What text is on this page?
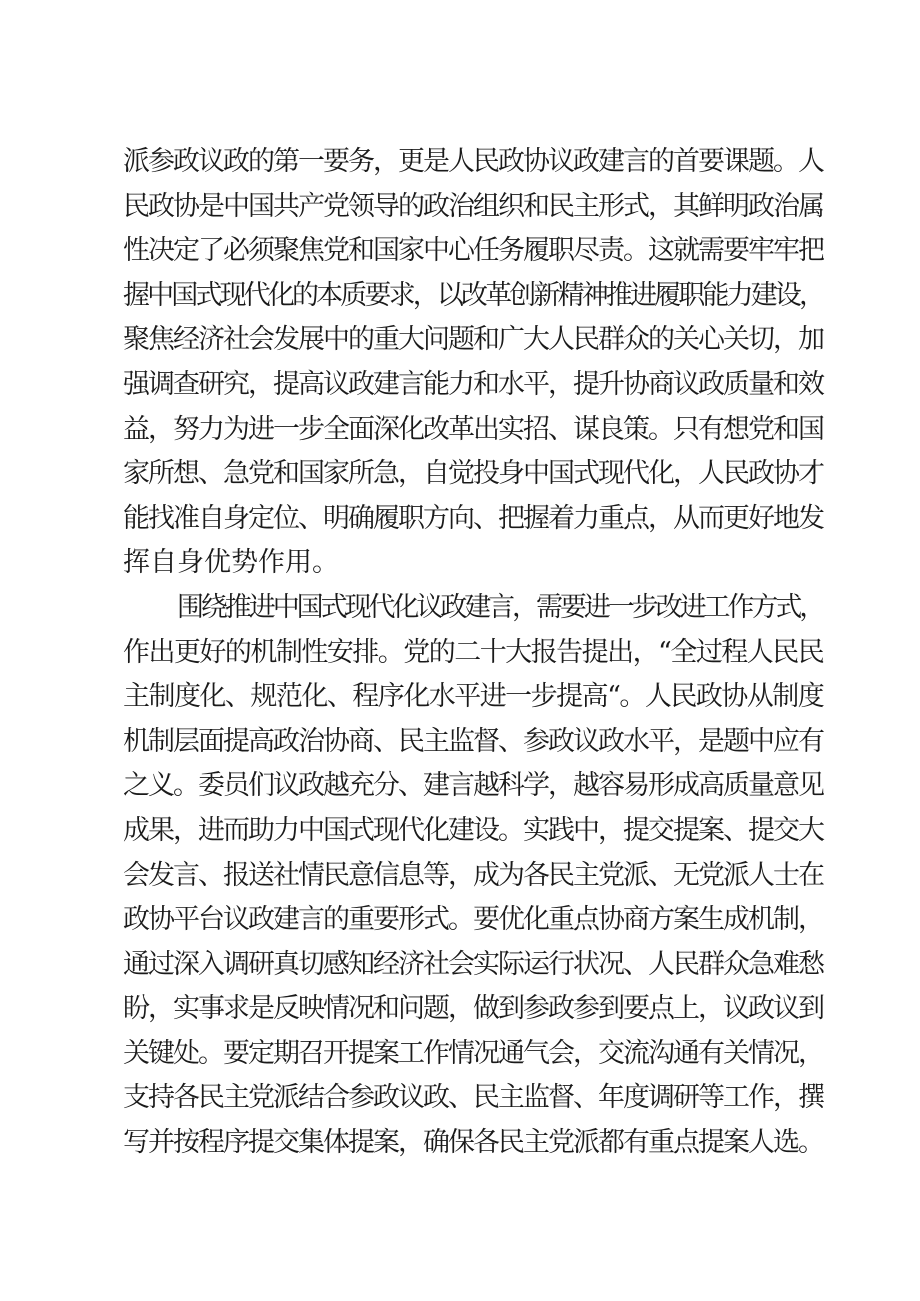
派参政议政的第一要务，更是人民政协议政建言的首要课题。人
民政协是中国共产党领导的政治组织和民主形式，其鲜明政治属
性决定了必须聚焦党和国家中心任务履职尽责。这就需要牢牢把
握中国式现代化的本质要求，以改革创新精神推进履职能力建设，
聚焦经济社会发展中的重大问题和广大人民群众的关心关切，加
强调查研究，提高议政建言能力和水平，提升协商议政质量和效
益，努力为进一步全面深化改革出实招、谋良策。只有想党和国
家所想、急党和国家所急，自觉投身中国式现代化，人民政协才
能找准自身定位、明确履职方向、把握着力重点，从而更好地发
挥自身优势作用。
围绕推进中国式现代化议政建言，需要进一步改进工作方式，
作出更好的机制性安排。党的二十大报告提出，“全过程人民民
主制度化、规范化、程序化水平进一步提高“。人民政协从制度
机制层面提高政治协商、民主监督、参政议政水平，是题中应有
之义。委员们议政越充分、建言越科学，越容易形成高质量意见
成果，进而助力中国式现代化建设。实践中，提交提案、提交大
会发言、报送社情民意信息等，成为各民主党派、无党派人士在
政协平台议政建言的重要形式。要优化重点协商方案生成机制，
通过深入调研真切感知经济社会实际运行状况、人民群众急难愁
盼，实事求是反映情况和问题，做到参政参到要点上，议政议到
关键处。要定期召开提案工作情况通气会，交流沟通有关情况，
支持各民主党派结合参政议政、民主监督、年度调研等工作，撰
写并按程序提交集体提案，确保各民主党派都有重点提案人选。
